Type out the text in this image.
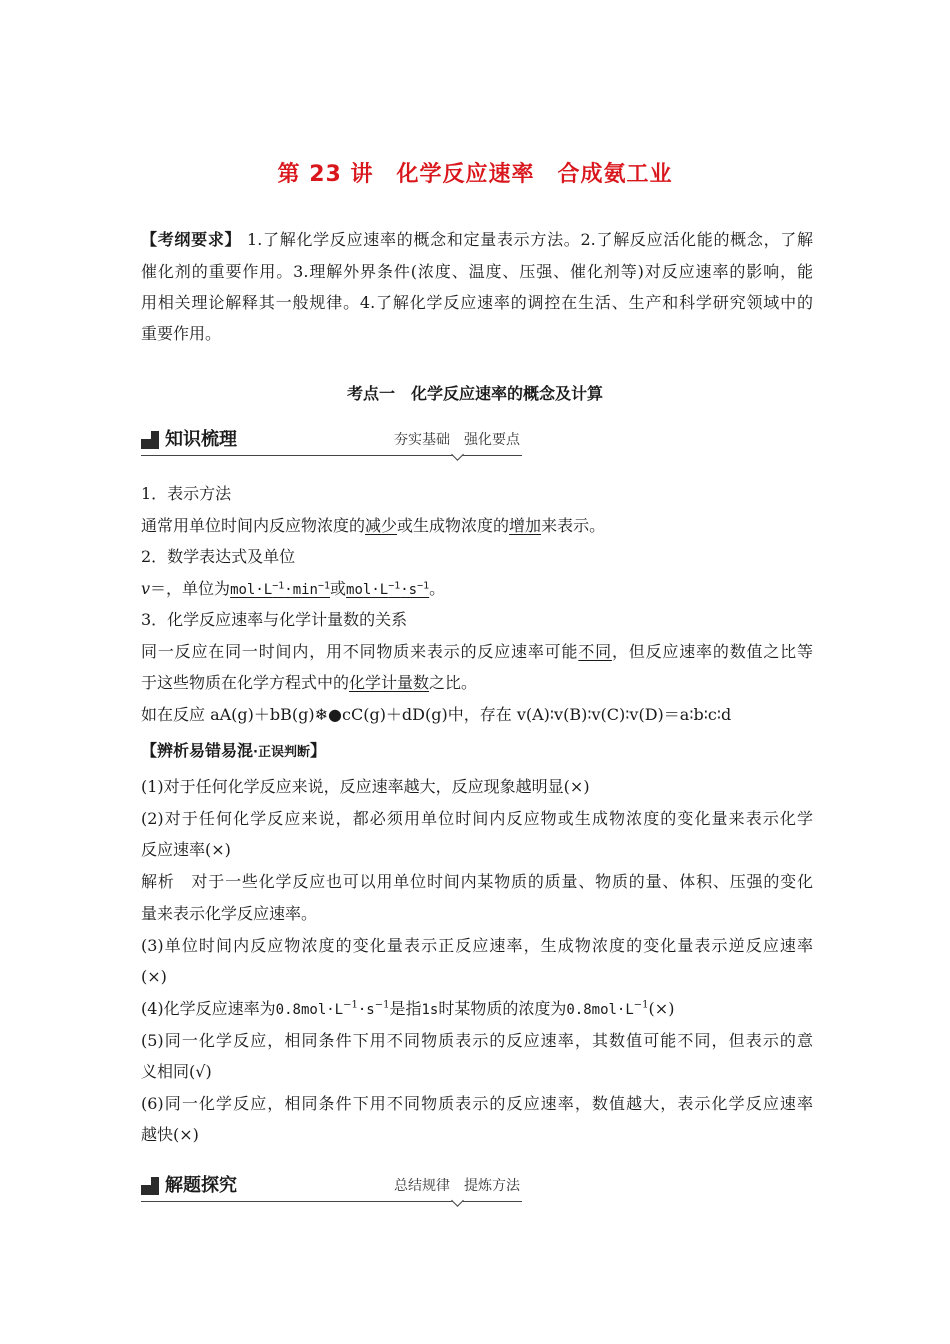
第 23 讲　化学反应速率　合成氨工业
【考纲要求】 1.了解化学反应速率的概念和定量表示方法。2.了解反应活化能的概念，了解
催化剂的重要作用。3.理解外界条件(浓度、温度、压强、催化剂等)对反应速率的影响，能
用相关理论解释其一般规律。4.了解化学反应速率的调控在生活、生产和科学研究领域中的
重要作用。
考点一　化学反应速率的概念及计算
知识梳理	夯实基础　强化要点
1．表示方法
通常用单位时间内反应物浓度的减少或生成物浓度的增加来表示。
2．数学表达式及单位
v＝，单位为$mol\cdot L^{-1}\cdot\min^{-1}$或$mol\cdot L^{-1}\cdot s^{-1}$。
3．化学反应速率与化学计量数的关系
同一反应在同一时间内，用不同物质来表示的反应速率可能不同，但反应速率的数值之比等
于这些物质在化学方程式中的化学计量数之比。
如在反应 aA(g)＋bB(g)❄●cC(g)＋dD(g)中，存在 v(A)∶v(B)∶v(C)∶v(D)＝a∶b∶c∶d
【辨析易错易混·正误判断】
(1)对于任何化学反应来说，反应速率越大，反应现象越明显(×)
(2)对于任何化学反应来说，都必须用单位时间内反应物或生成物浓度的变化量来表示化学
反应速率(×)
解析　对于一些化学反应也可以用单位时间内某物质的质量、物质的量、体积、压强的变化
量来表示化学反应速率。
(3)单位时间内反应物浓度的变化量表示正反应速率，生成物浓度的变化量表示逆反应速率
(×)
(4)化学反应速率为$0.8mol\cdot L^{-1}\cdot s^{-1}$是指1s时某物质的浓度为$0.8mol\cdot L^{-1}(\times)$
(5)同一化学反应，相同条件下用不同物质表示的反应速率，其数值可能不同，但表示的意
义相同(√)
(6)同一化学反应，相同条件下用不同物质表示的反应速率，数值越大，表示化学反应速率
越快(×)
解题探究	总结规律　提炼方法
